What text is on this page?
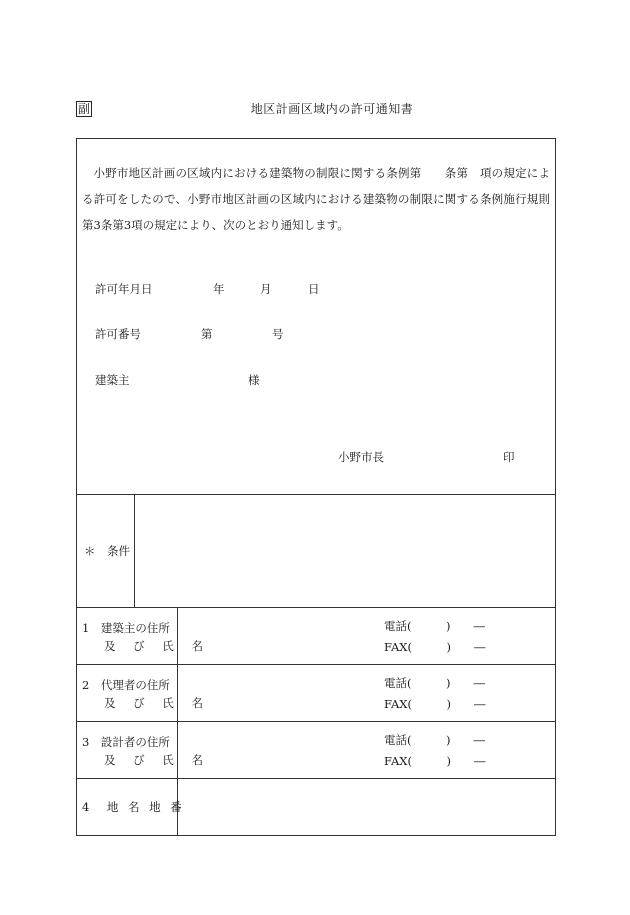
副	地区計画区域内の許可通知書

小野市地区計画の区域内における建築物の制限に関する条例第　　条第　項の規定による許可をしたので、小野市地区計画の区域内における建築物の制限に関する条例施行規則第3条第3項の規定により、次のとおり通知します。

許可年月日	年	月	日
許可番号	第	号
建築主	様
小野市長	印
＊　条件
1　建築主の住所
及 び 氏 名
電話(　　　)　　―
FAX(　　　)　　―
2　代理者の住所
及 び 氏 名
電話(　　　)　　―
FAX(　　　)　　―
3　設計者の住所
及 び 氏 名
電話(　　　)　　―
FAX(　　　)　　―
4　地 名 地 番
